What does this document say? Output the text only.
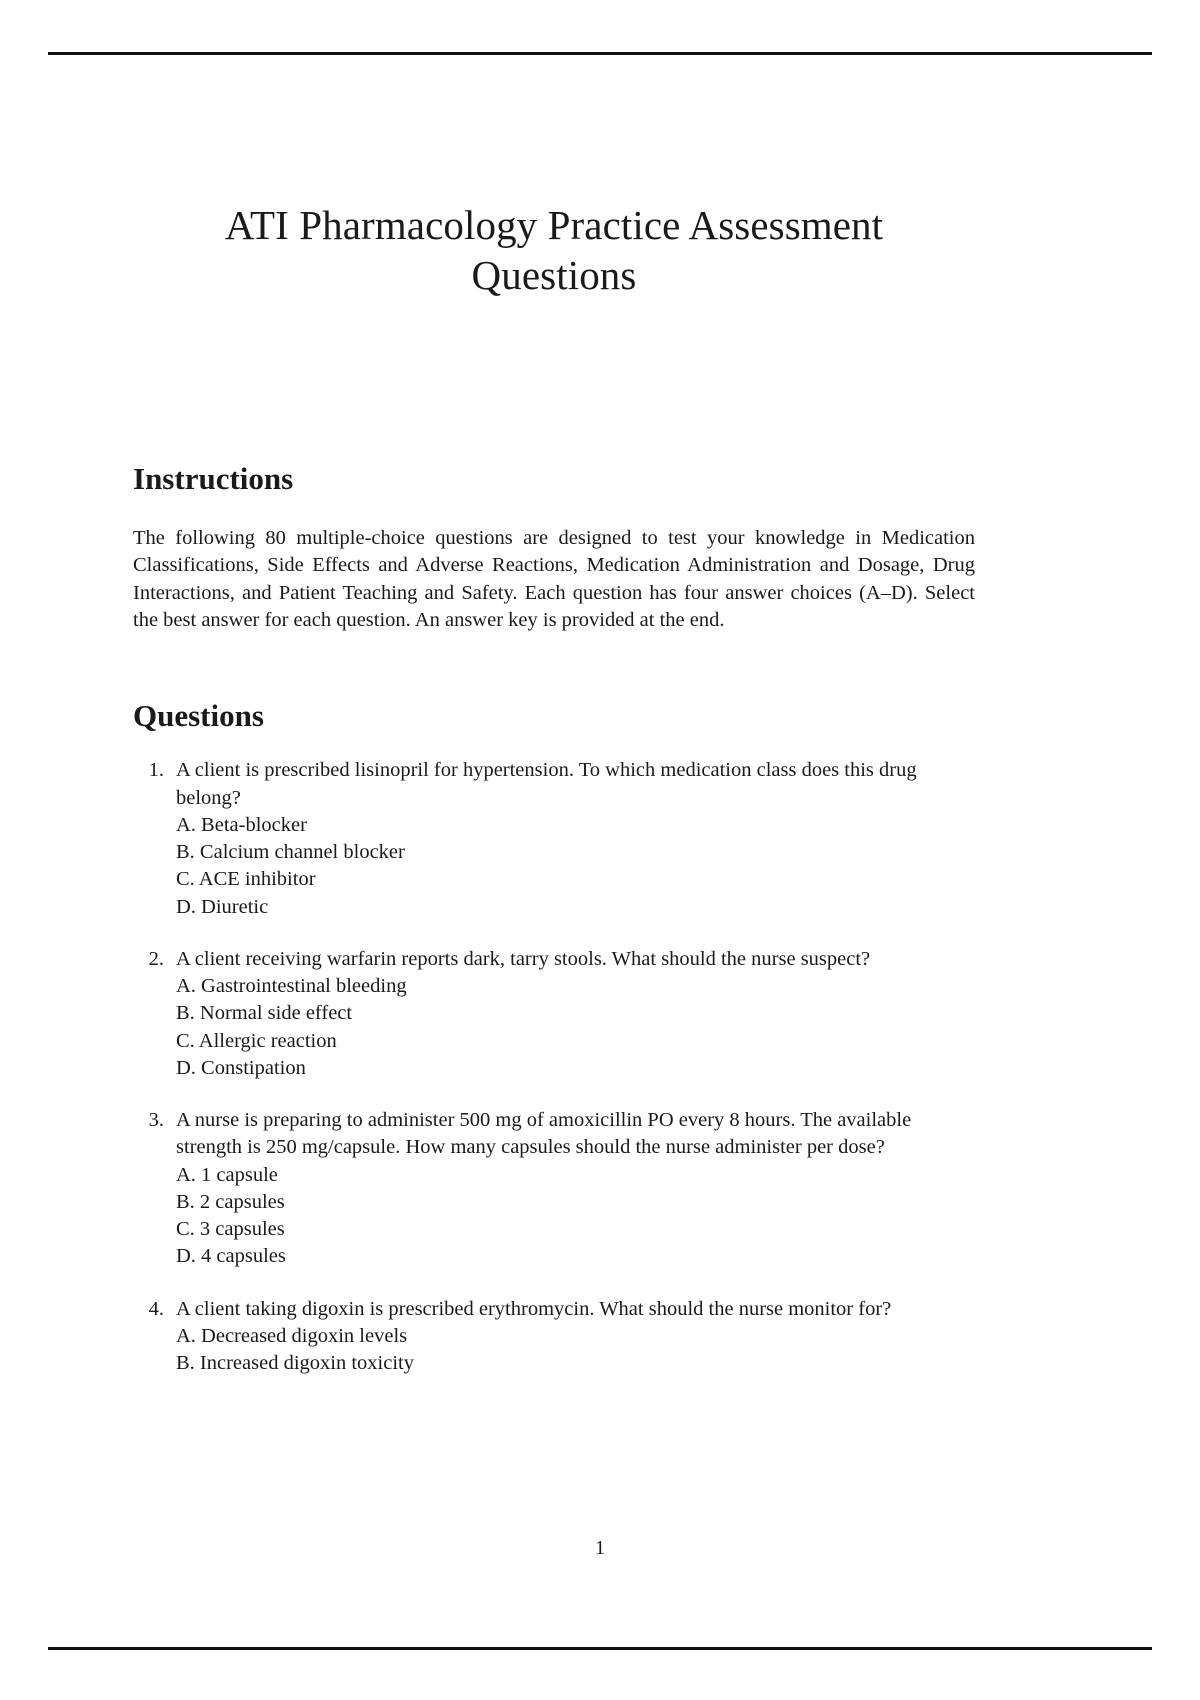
ATI Pharmacology Practice Assessment Questions
Instructions

The following 80 multiple-choice questions are designed to test your knowledge in Medication Classifications, Side Effects and Adverse Reactions, Medication Administration and Dosage, Drug Interactions, and Patient Teaching and Safety. Each question has four answer choices (A–D). Select the best answer for each question. An answer key is provided at the end.

Questions
1. A client is prescribed lisinopril for hypertension. To which medication class does this drug belong?

A. Beta-blocker
B. Calcium channel blocker
C. ACE inhibitor
D. Diuretic
2. A client receiving warfarin reports dark, tarry stools. What should the nurse suspect?

A. Gastrointestinal bleeding
B. Normal side effect
C. Allergic reaction
D. Constipation
3. A nurse is preparing to administer 500 mg of amoxicillin PO every 8 hours. The available strength is 250 mg/capsule. How many capsules should the nurse administer per dose?

A. 1 capsule
B. 2 capsules
C. 3 capsules
D. 4 capsules
4. A client taking digoxin is prescribed erythromycin. What should the nurse monitor for?

A. Decreased digoxin levels
B. Increased digoxin toxicity
1
